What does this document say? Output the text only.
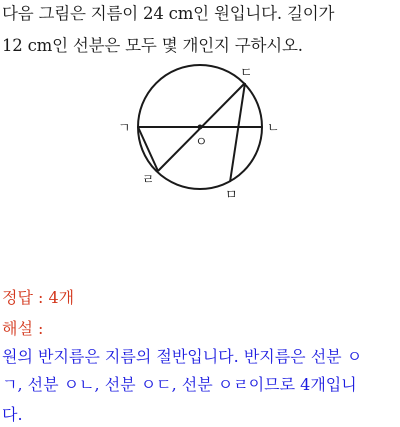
다음 그림은 지름이 24 cm인 원입니다. 길이가
12 cm인 선분은 모두 몇 개인지 구하시오.
ㄷ
ㄱ	ㄴ
ㅇ
ㄹ
ㅁ
정답 : 4개
해설 :
원의 반지름은 지름의 절반입니다. 반지름은 선분 ㅇ
ㄱ, 선분 ㅇㄴ, 선분 ㅇㄷ, 선분 ㅇㄹ이므로 4개입니
다.
